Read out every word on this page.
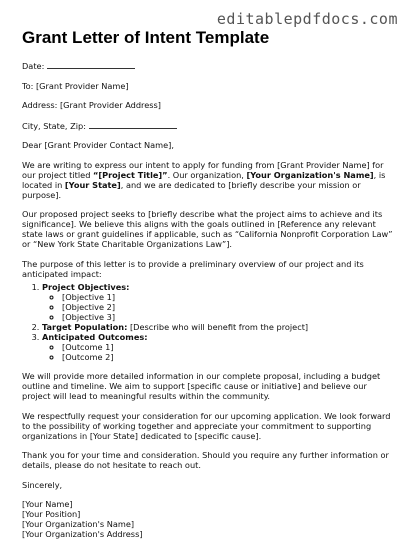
editablepdfdocs.com
Grant Letter of Intent Template

Date:

To: [Grant Provider Name]

Address: [Grant Provider Address]

City, State, Zip:

Dear [Grant Provider Contact Name],

We are writing to express our intent to apply for funding from [Grant Provider Name] for our project titled “[Project Title]”. Our organization, [Your Organization's Name], is located in [Your State], and we are dedicated to [briefly describe your mission or purpose].

Our proposed project seeks to [briefly describe what the project aims to achieve and its significance]. We believe this aligns with the goals outlined in [Reference any relevant state laws or grant guidelines if applicable, such as “California Nonprofit Corporation Law” or “New York State Charitable Organizations Law”].

The purpose of this letter is to provide a preliminary overview of our project and its anticipated impact:

1. Project Objectives:
◦ [Objective 1]
◦ [Objective 2]
◦ [Objective 3]
2. Target Population: [Describe who will benefit from the project]
3. Anticipated Outcomes:
◦ [Outcome 1]
◦ [Outcome 2]

We will provide more detailed information in our complete proposal, including a budget outline and timeline. We aim to support [specific cause or initiative] and believe our project will lead to meaningful results within the community.

We respectfully request your consideration for our upcoming application. We look forward to the possibility of working together and appreciate your commitment to supporting organizations in [Your State] dedicated to [specific cause].

Thank you for your time and consideration. Should you require any further information or details, please do not hesitate to reach out.

Sincerely,

[Your Name]

[Your Position]

[Your Organization's Name]

[Your Organization's Address]
